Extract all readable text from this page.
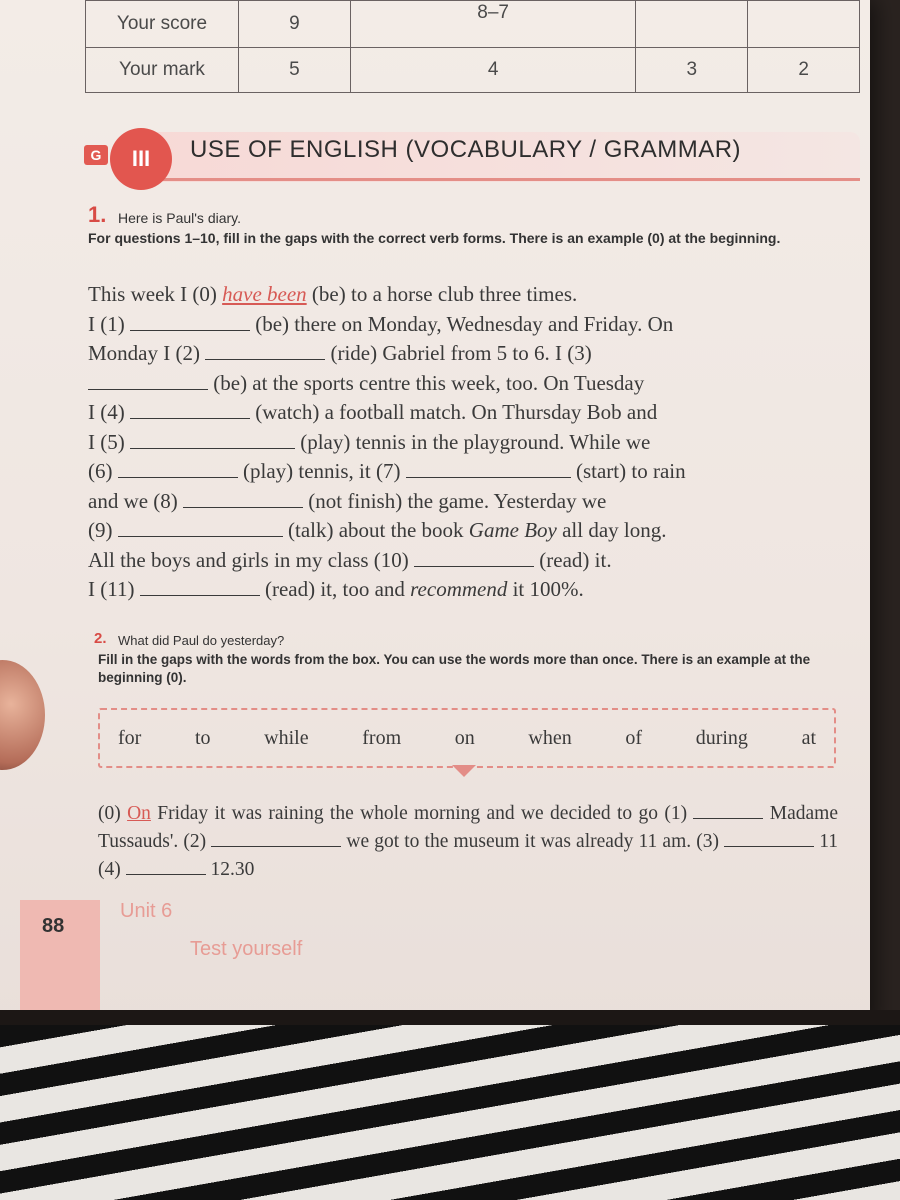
Your score	9	8–7		
Your mark	5	4	3	2
G	III	USE OF ENGLISH (VOCABULARY / GRAMMAR)
1. Here is Paul's diary.
For questions 1–10, fill in the gaps with the correct verb forms. There is an example (0) at the beginning.
This week I (0) have been (be) to a horse club three times.
I (1)	(be) there on Monday, Wednesday and Friday. On
Monday I (2)	(ride) Gabriel from 5 to 6. I (3)
(be) at the sports centre this week, too. On Tuesday
I (4)	(watch) a football match. On Thursday Bob and
I (5)	(play) tennis in the playground. While we
(6)	(play) tennis, it (7)	(start) to rain
and we (8)	(not finish) the game. Yesterday we
(9)	(talk) about the book Game Boy all day long.
All the boys and girls in my class (10)	(read) it.
I (11)	(read) it, too and recommend it 100%.
2. What did Paul do yesterday?
Fill in the gaps with the words from the box. You can use the words more than once. There is an example at the beginning (0).
for	to	while	from	on	when	of	during	at
(0) On Friday it was raining the whole morning and we decided to go (1)	Madame Tussauds'. (2)	we got to the museum it was already 11 am. (3)	11 (4)	12.30
88
Unit 6
Test yourself
